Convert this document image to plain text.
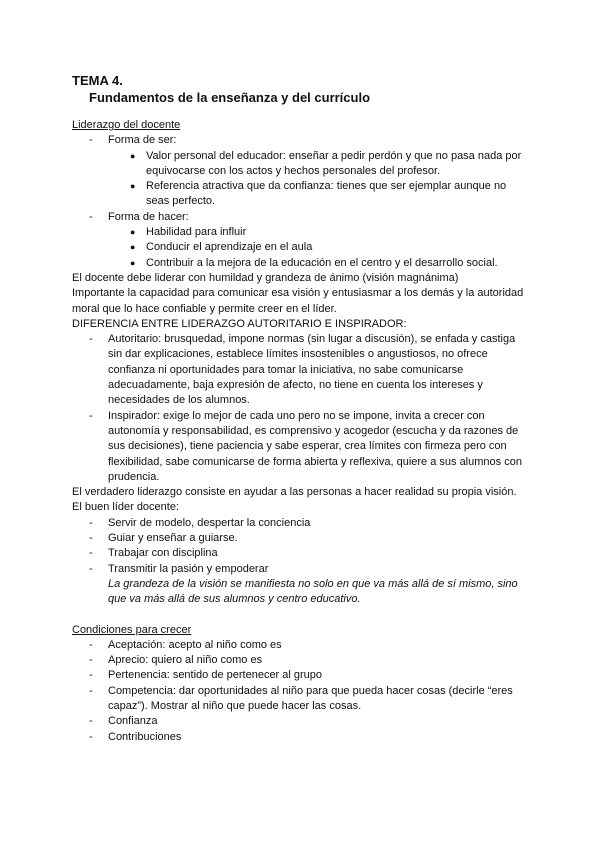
TEMA 4.
Fundamentos de la enseñanza y del currículo
Liderazgo del docente
-	Forma de ser:
● Valor personal del educador: enseñar a pedir perdón y que no pasa nada por equivocarse con los actos y hechos personales del profesor.
● Referencia atractiva que da confianza: tienes que ser ejemplar aunque no seas perfecto.
-	Forma de hacer:
● Habilidad para influir
● Conducir el aprendizaje en el aula
● Contribuir a la mejora de la educación en el centro y el desarrollo social.
El docente debe liderar con humildad y grandeza de ánimo (visión magnánima)
Importante la capacidad para comunicar esa visión y entusiasmar a los demás y la autoridad moral que lo hace confiable y permite creer en el líder.
DIFERENCIA ENTRE LIDERAZGO AUTORITARIO E INSPIRADOR:
-	Autoritario: brusquedad, impone normas (sin lugar a discusión), se enfada y castiga sin dar explicaciones, establece límites insostenibles o angustiosos, no ofrece confianza ni oportunidades para tomar la iniciativa, no sabe comunicarse adecuadamente, baja expresión de afecto, no tiene en cuenta los intereses y necesidades de los alumnos.
-	Inspirador: exige lo mejor de cada uno pero no se impone, invita a crecer con autonomía y responsabilidad, es comprensivo y acogedor (escucha y da razones de sus decisiones), tiene paciencia y sabe esperar, crea límites con firmeza pero con flexibilidad, sabe comunicarse de forma abierta y reflexiva, quiere a sus alumnos con prudencia.
El verdadero liderazgo consiste en ayudar a las personas a hacer realidad su propia visión.
El buen líder docente:
-	Servir de modelo, despertar la conciencia
-	Guiar y enseñar a guiarse.
-	Trabajar con disciplina
-	Transmitir la pasión y empoderar
La grandeza de la visión se manifiesta no solo en que va más allá de sí mismo, sino que va más allá de sus alumnos y centro educativo.
Condiciones para crecer
-	Aceptación: acepto al niño como es
-	Aprecio: quiero al niño como es
-	Pertenencia: sentido de pertenecer al grupo
-	Competencia: dar oportunidades al niño para que pueda hacer cosas (decirle “eres capaz”). Mostrar al niño que puede hacer las cosas.
-	Confianza
-	Contribuciones
